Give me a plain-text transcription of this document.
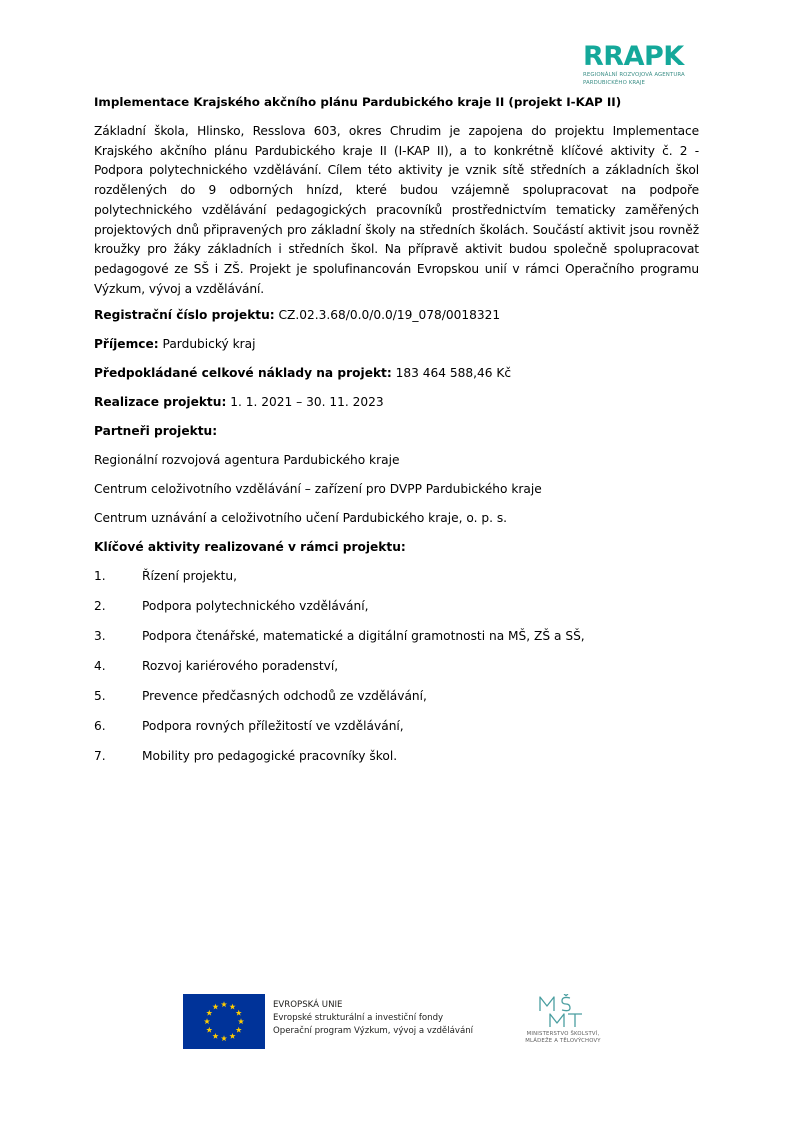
RRAPK
REGIONÁLNÍ ROZVOJOVÁ AGENTURA
PARDUBICKÉHO KRAJE

Implementace Krajského akčního plánu Pardubického kraje II (projekt I-KAP II)

Základní škola, Hlinsko, Resslova 603, okres Chrudim je zapojena do projektu Implementace Krajského akčního plánu Pardubického kraje II (I-KAP II), a to konkrétně klíčové aktivity č. 2 - Podpora polytechnického vzdělávání. Cílem této aktivity je vznik sítě středních a základních škol rozdělených do 9 odborných hnízd, které budou vzájemně spolupracovat na podpoře polytechnického vzdělávání pedagogických pracovníků prostřednictvím tematicky zaměřených projektových dnů připravených pro základní školy na středních školách. Součástí aktivit jsou rovněž kroužky pro žáky základních i středních škol. Na přípravě aktivit budou společně spolupracovat pedagogové ze SŠ i ZŠ. Projekt je spolufinancován Evropskou unií v rámci Operačního programu Výzkum, vývoj a vzdělávání.

Registrační číslo projektu: CZ.02.3.68/0.0/0.0/19_078/0018321

Příjemce: Pardubický kraj

Předpokládané celkové náklady na projekt: 183 464 588,46 Kč

Realizace projektu: 1. 1. 2021 – 30. 11. 2023

Partneři projektu:

Regionální rozvojová agentura Pardubického kraje

Centrum celoživotního vzdělávání – zařízení pro DVPP Pardubického kraje

Centrum uznávání a celoživotního učení Pardubického kraje, o. p. s.

Klíčové aktivity realizované v rámci projektu:

1.	Řízení projektu,
2.	Podpora polytechnického vzdělávání,
3.	Podpora čtenářské, matematické a digitální gramotnosti na MŠ, ZŠ a SŠ,
4.	Rozvoj kariérového poradenství,
5.	Prevence předčasných odchodů ze vzdělávání,
6.	Podpora rovných příležitostí ve vzdělávání,
7.	Mobility pro pedagogické pracovníky škol.
EVROPSKÁ UNIE
Evropské strukturální a investiční fondy
Operační program Výzkum, vývoj a vzdělávání	MINISTERSTVO ŠKOLSTVÍ,
MLÁDEŽE A TĚLOVÝCHOVY
